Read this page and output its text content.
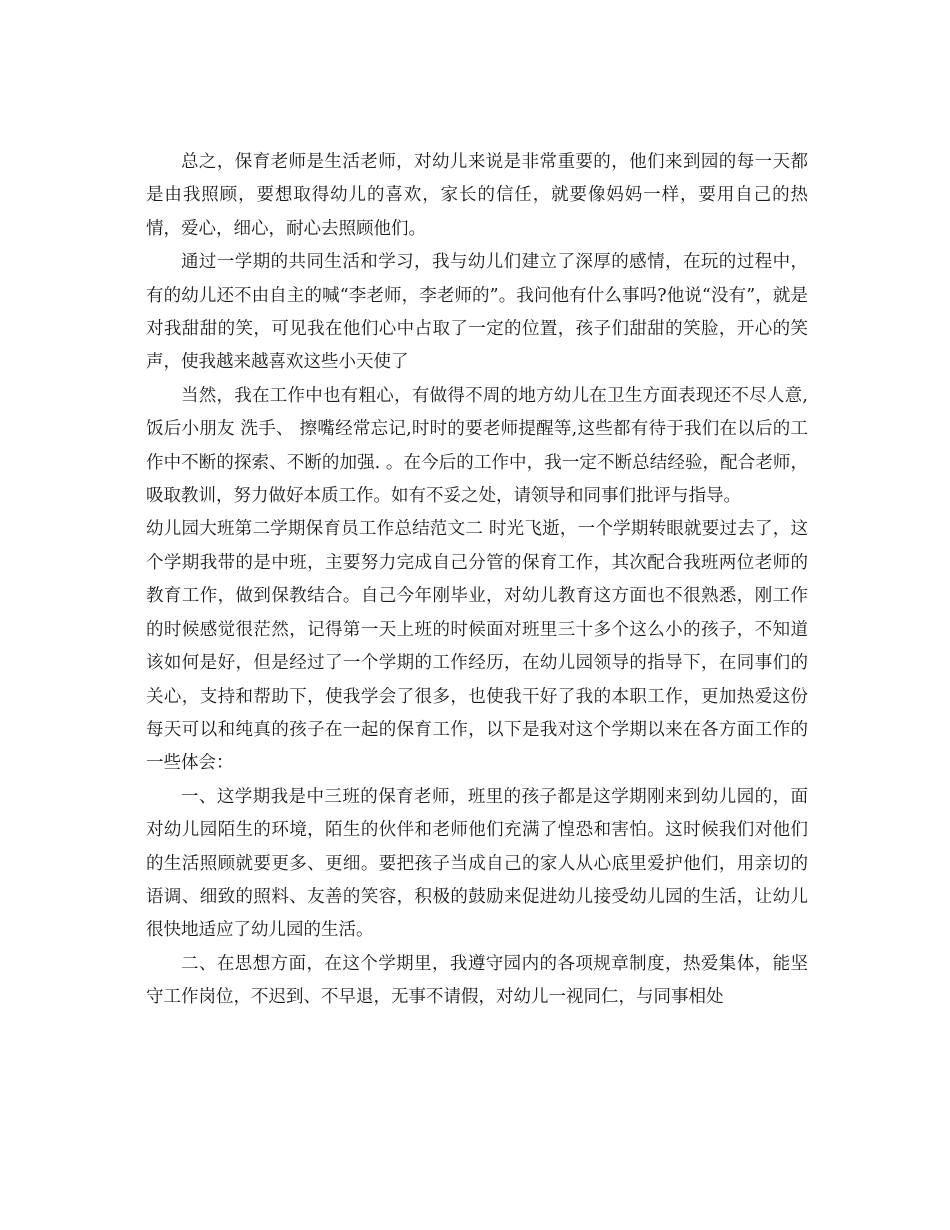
总之，保育老师是生活老师，对幼儿来说是非常重要的，他们来到园的每一天都是由我照顾，要想取得幼儿的喜欢，家长的信任，就要像妈妈一样，要用自己的热情，爱心，细心，耐心去照顾他们。

通过一学期的共同生活和学习，我与幼儿们建立了深厚的感情，在玩的过程中，有的幼儿还不由自主的喊“李老师，李老师的”。我问他有什么事吗?他说“没有”，就是对我甜甜的笑，可见我在他们心中占取了一定的位置，孩子们甜甜的笑脸，开心的笑声，使我越来越喜欢这些小天使了

当然，我在工作中也有粗心，有做得不周的地方幼儿在卫生方面表现还不尽人意,饭后小朋友 洗手、 擦嘴经常忘记,时时的要老师提醒等,这些都有待于我们在以后的工作中不断的探索、不断的加强. 。在今后的工作中，我一定不断总结经验，配合老师，吸取教训，努力做好本质工作。如有不妥之处，请领导和同事们批评与指导。

幼儿园大班第二学期保育员工作总结范文二 时光飞逝，一个学期转眼就要过去了，这个学期我带的是中班，主要努力完成自己分管的保育工作，其次配合我班两位老师的教育工作，做到保教结合。自己今年刚毕业，对幼儿教育这方面也不很熟悉，刚工作的时候感觉很茫然，记得第一天上班的时候面对班里三十多个这么小的孩子，不知道该如何是好，但是经过了一个学期的工作经历，在幼儿园领导的指导下，在同事们的关心，支持和帮助下，使我学会了很多，也使我干好了我的本职工作，更加热爱这份每天可以和纯真的孩子在一起的保育工作，以下是我对这个学期以来在各方面工作的一些体会：

一、这学期我是中三班的保育老师，班里的孩子都是这学期刚来到幼儿园的，面对幼儿园陌生的环境，陌生的伙伴和老师他们充满了惶恐和害怕。这时候我们对他们的生活照顾就要更多、更细。要把孩子当成自己的家人从心底里爱护他们，用亲切的语调、细致的照料、友善的笑容，积极的鼓励来促进幼儿接受幼儿园的生活，让幼儿很快地适应了幼儿园的生活。

二、在思想方面，在这个学期里，我遵守园内的各项规章制度，热爱集体，能坚守工作岗位，不迟到、不早退，无事不请假，对幼儿一视同仁，与同事相处
